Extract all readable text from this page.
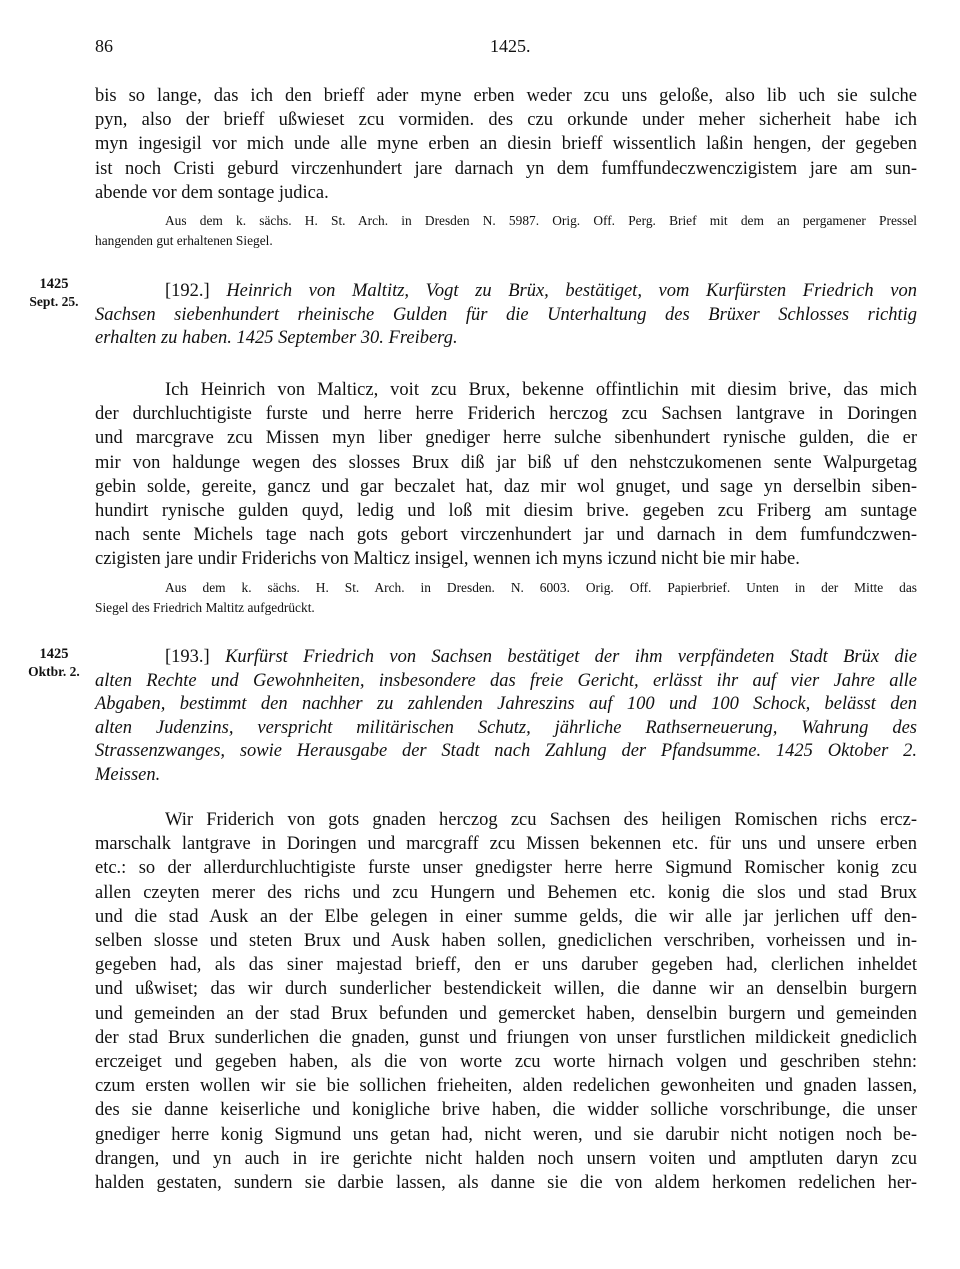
86	1425.
bis so lange, das ich den brieff ader myne erben weder zcu uns geloße, also lib uch sie sulche
pyn, also der brieff ußwieset zcu vormiden. des czu orkunde under meher sicherheit habe ich
myn ingesigil vor mich unde alle myne erben an diesin brieff wissentlich laßin hengen, der gegeben
ist noch Cristi geburd virczenhundert jare darnach yn dem fumffundeczwenczigistem jare am sun-
abende vor dem sontage judica.
Aus dem k. sächs. H. St. Arch. in Dresden N. 5987. Orig. Off. Perg. Brief mit dem an pergamener Pressel
hangenden gut erhaltenen Siegel.
1425
Sept. 25.
[192.] Heinrich von Maltitz, Vogt zu Brüx, bestätiget, vom Kurfürsten Friedrich von
Sachsen siebenhundert rheinische Gulden für die Unterhaltung des Brüxer Schlosses richtig
erhalten zu haben. 1425 September 30. Freiberg.
Ich Heinrich von Malticz, voit zcu Brux, bekenne offintlichin mit diesim brive, das mich
der durchluchtigiste furste und herre herre Friderich herczog zcu Sachsen lantgrave in Doringen
und marcgrave zcu Missen myn liber gnediger herre sulche sibenhundert rynische gulden, die er
mir von haldunge wegen des slosses Brux diß jar biß uf den nehstczukomenen sente Walpurgetag
gebin solde, gereite, gancz und gar beczalet hat, daz mir wol gnuget, und sage yn derselbin siben-
hundirt rynische gulden quyd, ledig und loß mit diesim brive. gegeben zcu Friberg am suntage
nach sente Michels tage nach gots gebort virczenhundert jar und darnach in dem fumfundczwen-
czigisten jare undir Friderichs von Malticz insigel, wennen ich myns iczund nicht bie mir habe.
Aus dem k. sächs. H. St. Arch. in Dresden. N. 6003. Orig. Off. Papierbrief. Unten in der Mitte das
Siegel des Friedrich Maltitz aufgedrückt.
1425
Oktbr. 2.
[193.] Kurfürst Friedrich von Sachsen bestätiget der ihm verpfändeten Stadt Brüx die
alten Rechte und Gewohnheiten, insbesondere das freie Gericht, erlässt ihr auf vier Jahre alle
Abgaben, bestimmt den nachher zu zahlenden Jahreszins auf 100 und 100 Schock, belässt den
alten Judenzins, verspricht militärischen Schutz, jährliche Rathserneuerung, Wahrung des
Strassenzwanges, sowie Herausgabe der Stadt nach Zahlung der Pfandsumme. 1425 Oktober 2.
Meissen.
Wir Friderich von gots gnaden herczog zcu Sachsen des heiligen Romischen richs ercz-
marschalk lantgrave in Doringen und marcgraff zcu Missen bekennen etc. für uns und unsere erben
etc.: so der allerdurchluchtigiste furste unser gnedigster herre herre Sigmund Romischer konig zcu
allen czeyten merer des richs und zcu Hungern und Behemen etc. konig die slos und stad Brux
und die stad Ausk an der Elbe gelegen in einer summe gelds, die wir alle jar jerlichen uff den-
selben slosse und steten Brux und Ausk haben sollen, gnediclichen verschriben, vorheissen und in-
gegeben had, als das siner majestad brieff, den er uns daruber gegeben had, clerlichen inheldet
und ußwiset; das wir durch sunderlicher bestendickeit willen, die danne wir an denselbin burgern
und gemeinden an der stad Brux befunden und gemercket haben, denselbin burgern und gemeinden
der stad Brux sunderlichen die gnaden, gunst und friungen von unser furstlichen mildickeit gnediclich
erczeiget und gegeben haben, als die von worte zcu worte hirnach volgen und geschriben stehn:
czum ersten wollen wir sie bie sollichen frieheiten, alden redelichen gewonheiten und gnaden lassen,
des sie danne keiserliche und konigliche brive haben, die widder solliche vorschribunge, die unser
gnediger herre konig Sigmund uns getan had, nicht weren, und sie darubir nicht notigen noch be-
drangen, und yn auch in ire gerichte nicht halden noch unsern voiten und amptluten daryn zcu
halden gestaten, sundern sie darbie lassen, als danne sie die von aldem herkomen redelichen her-
